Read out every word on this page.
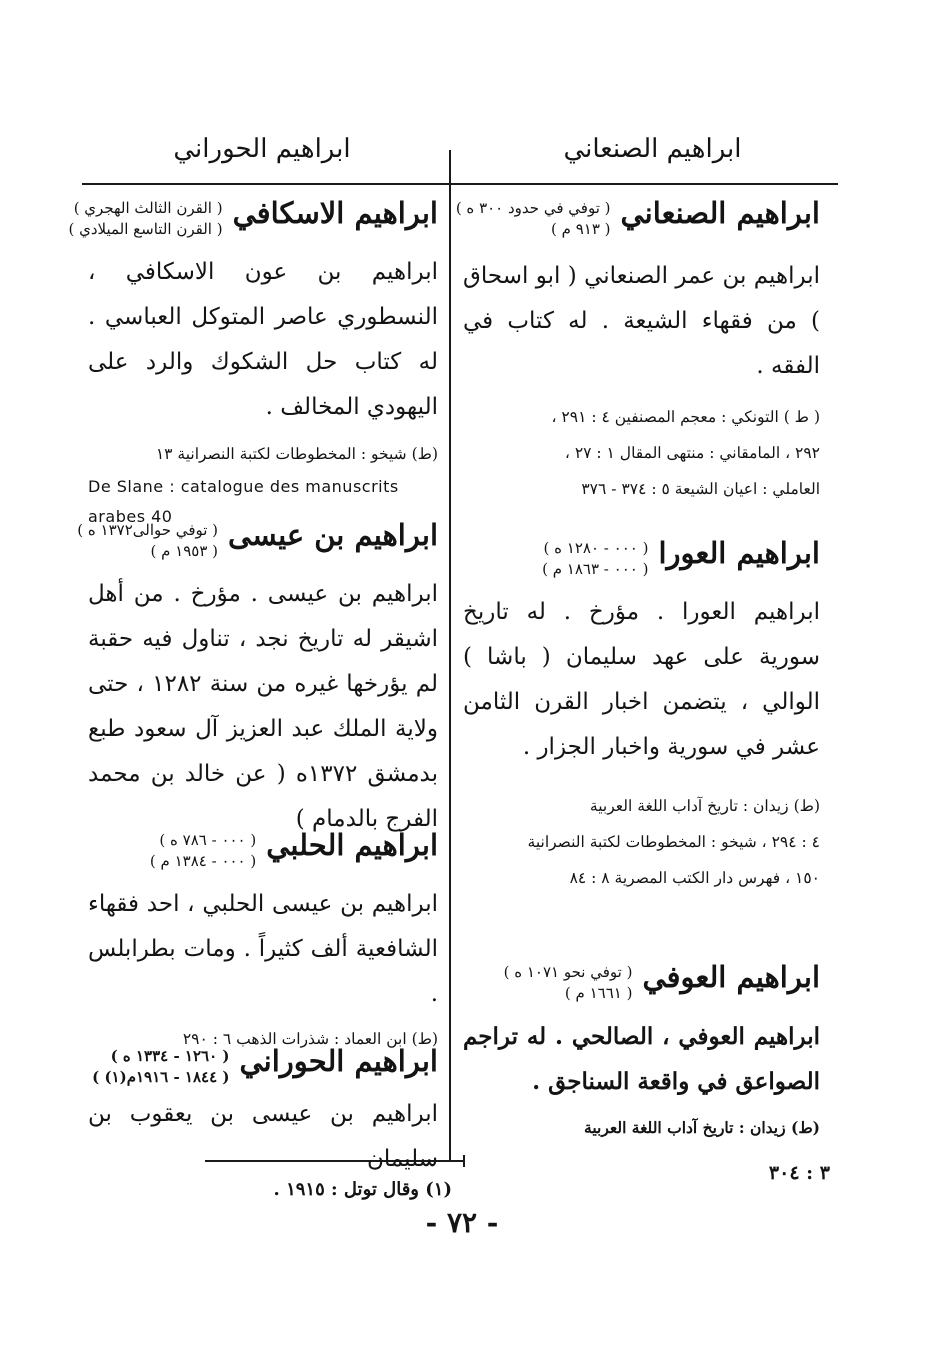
ابراهيم الصنعاني
ابراهيم الحوراني
ابراهيم الصنعاني
( توفي في حدود ٣٠٠ ه )
( ٩١٣ م )
ابراهيم بن عمر الصنعاني ( ابو اسحاق ) من فقهاء الشيعة . له كتاب في الفقه .
( ط ) التونكي : معجم المصنفين ٤ : ٢٩١ ،
٢٩٢ ، المامقاني : منتهى المقال ١ : ٢٧ ،
العاملي : اعيان الشيعة ٥ : ٣٧٤ - ٣٧٦
ابراهيم العورا
( ٠٠٠ - ١٢٨٠ ه )
( ٠٠٠ - ١٨٦٣ م )
ابراهيم العورا . مؤرخ . له تاريخ سورية على عهد سليمان ( باشا ) الوالي ، يتضمن اخبار القرن الثامن عشر في سورية واخبار الجزار .
(ط) زيدان : تاريخ آداب اللغة العربية
٤ : ٢٩٤ ، شيخو : المخطوطات لكتبة النصرانية
١٥٠ ، فهرس دار الكتب المصرية ٨ : ٨٤
ابراهيم العوفي
( توفي نحو ١٠٧١ ه )
( ١٦٦١ م )
ابراهيم العوفي ، الصالحي . له تراجم الصواعق في واقعة السناجق .
(ط) زيدان : تاريخ آداب اللغة العربية
٣ : ٣٠٤
ابراهيم الاسكافي
( القرن الثالث الهجري )
( القرن التاسع الميلادي )
ابراهيم بن عون الاسكافي ، النسطوري عاصر المتوكل العباسي . له كتاب حل الشكوك والرد على اليهودي المخالف .
(ط) شيخو : المخطوطات لكتبة النصرانية ١٣
De Slane : catalogue des manuscrits arabes 40
ابراهيم بن عيسى
( توفي حوالى١٣٧٢ ه )
( ١٩٥٣ م )
ابراهيم بن عيسى . مؤرخ . من أهل اشيقر له تاريخ نجد ، تناول فيه حقبة لم يؤرخها غيره من سنة ١٢٨٢ ، حتى ولاية الملك عبد العزيز آل سعود طبع بدمشق ١٣٧٢ه ( عن خالد بن محمد الفرج بالدمام )
ابراهيم الحلبي
( ٠٠٠ - ٧٨٦ ه )
( ٠٠٠ - ١٣٨٤ م )
ابراهيم بن عيسى الحلبي ، احد فقهاء الشافعية ألف كثيراً . ومات بطرابلس .
(ط) ابن العماد : شذرات الذهب ٦ : ٢٩٠
ابراهيم الحوراني
( ١٢٦٠ - ١٣٣٤ ه )
( ١٨٤٤ - ١٩١٦م(١) )
ابراهيم بن عيسى بن يعقوب بن سليمان
(١) وقال توتل : ١٩١٥ .
- ٧٢ -
